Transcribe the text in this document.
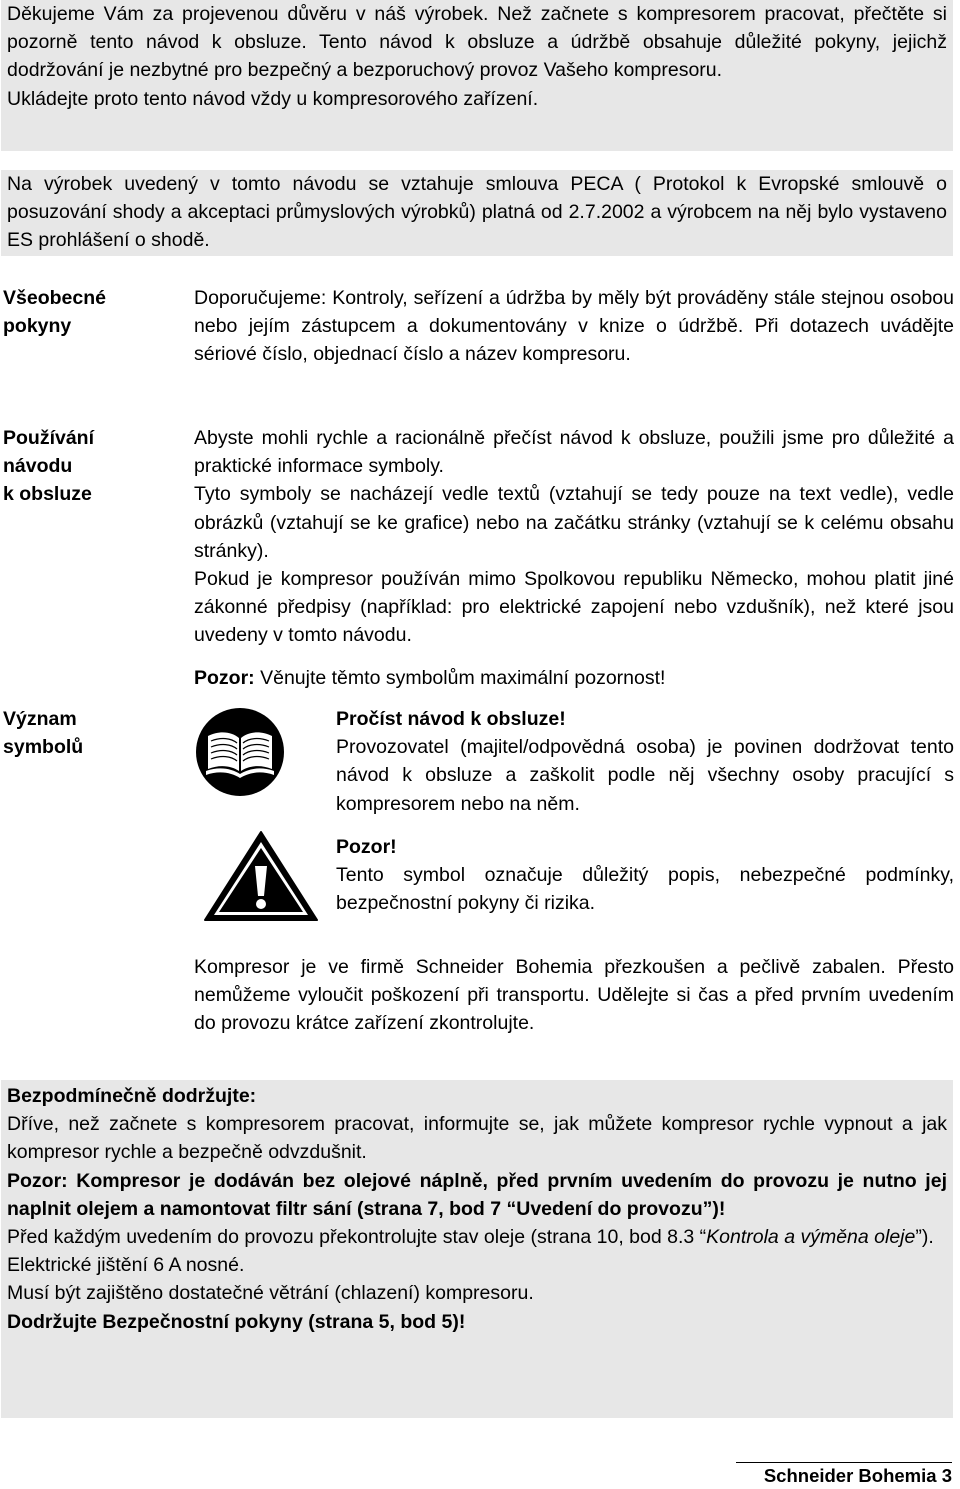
Děkujeme Vám za projevenou důvěru v náš výrobek. Než začnete s kompresorem pracovat, přečtěte si pozorně tento návod k obsluze. Tento návod k obsluze a údržbě obsahuje důležité pokyny, jejichž dodržování je nezbytné pro bezpečný a bezporuchový provoz Vašeho kompresoru.

Ukládejte proto tento návod vždy u kompresorového zařízení.

Na výrobek uvedený v tomto návodu se vztahuje smlouva PECA ( Protokol k Evropské smlouvě o posuzování shody a akceptaci průmyslových výrobků) platná od 2.7.2002 a výrobcem na něj bylo vystaveno ES prohlášení o shodě.

Všeobecné pokyny

Doporučujeme: Kontroly, seřízení a údržba by měly být prováděny stále stejnou osobou nebo jejím zástupcem a dokumentovány v knize o údržbě. Při dotazech uvádějte sériové číslo, objednací číslo a název kompresoru.

Používání
návodu
k obsluze

Abyste mohli rychle a racionálně přečíst návod k obsluze, použili jsme pro důležité a praktické informace symboly.

Tyto symboly se nacházejí vedle textů (vztahují se tedy pouze na text vedle), vedle obrázků (vztahují se ke grafice) nebo na začátku stránky (vztahují se k celému obsahu stránky).

Pokud je kompresor používán mimo Spolkovou republiku Německo, mohou platit jiné zákonné předpisy (například: pro elektrické zapojení nebo vzdušník), než které jsou uvedeny v tomto návodu.

Pozor: Věnujte těmto symbolům maximální pozornost!
Význam
symbolů

Pročíst návod k obsluze!

Provozovatel (majitel/odpovědná osoba) je povinen dodržovat tento návod k obsluze a zaškolit podle něj všechny osoby pracující s kompresorem nebo na něm.

Pozor!

Tento symbol označuje důležitý popis, nebezpečné podmínky, bezpečnostní pokyny či rizika.

Kompresor je ve firmě Schneider Bohemia přezkoušen a pečlivě zabalen. Přesto nemůžeme vyloučit poškození při transportu. Udělejte si čas a před prvním uvedením do provozu krátce zařízení zkontrolujte.

Bezpodmínečně dodržujte:

Dříve, než začnete s kompresorem pracovat, informujte se, jak můžete kompresor rychle vypnout a jak kompresor rychle a bezpečně odvzdušnit.

Pozor: Kompresor je dodáván bez olejové náplně, před prvním uvedením do provozu je nutno jej naplnit olejem a namontovat filtr sání (strana 7, bod 7 “Uvedení do provozu”)!

Před každým uvedením do provozu překontrolujte stav oleje (strana 10, bod 8.3 “Kontrola a výměna oleje”).

Elektrické jištění 6 A nosné.

Musí být zajištěno dostatečné větrání (chlazení) kompresoru.

Dodržujte Bezpečnostní pokyny (strana 5, bod 5)!

Schneider Bohemia 3
